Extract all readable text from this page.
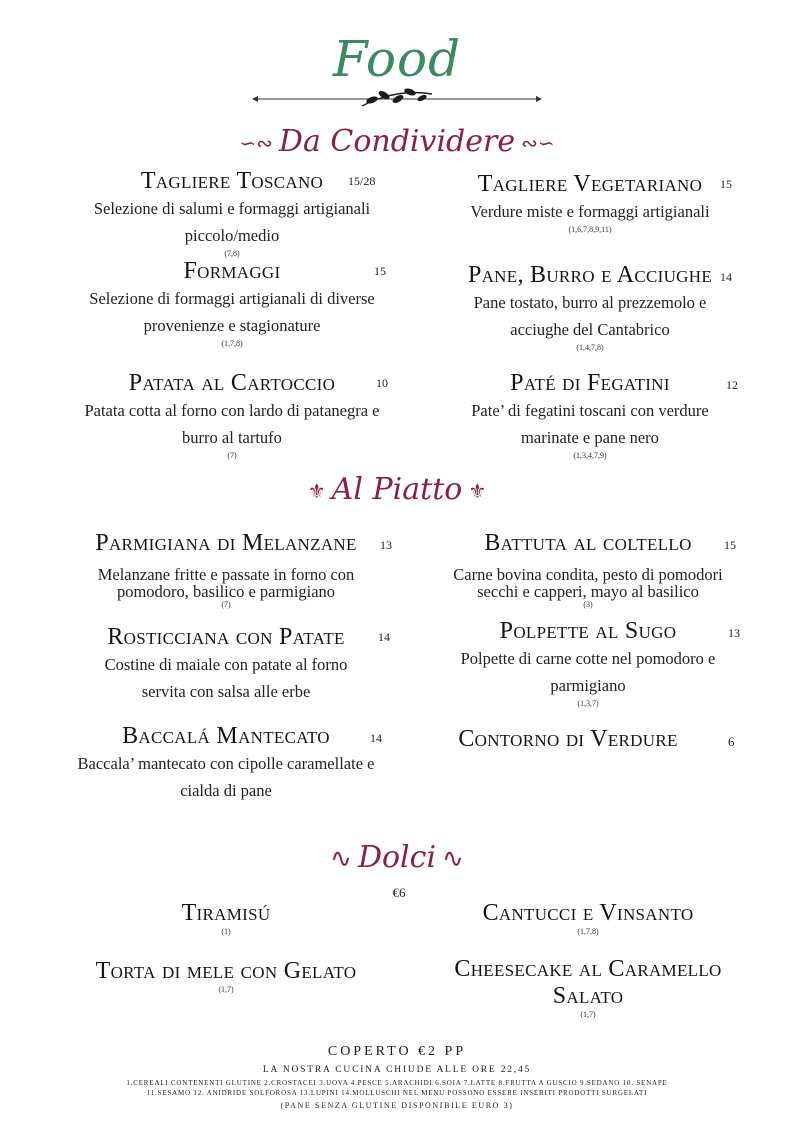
Food
∽∾ Da Condividere ∾∽
Tagliere Toscano	15/28
Selezione di salumi e formaggi artigianali piccolo/medio
(7,8)
Tagliere Vegetariano	15
Verdure miste e formaggi artigianali
(1,6,7,8,9,11)
Formaggi	15
Selezione di formaggi artigianali di diverse provenienze e stagionature
(1,7,8)
Pane, Burro e Acciughe 14
Pane tostato, burro al prezzemolo e acciughe del Cantabrico
(1,4,7,8)
Patata al Cartoccio	10
Patata cotta al forno con lardo di patanegra e burro al tartufo
(7)
Paté di Fegatini	12
Pate’ di fegatini toscani con verdure marinate e pane nero
(1,3,4,7,9)
⚜ Al Piatto ⚜
Parmigiana di Melanzane	13
Melanzane fritte e passate in forno con pomodoro, basilico e parmigiano
(7)
Battuta al coltello	15
Carne bovina condita, pesto di pomodori secchi e capperi, mayo al basilico
(3)
Rosticciana con Patate	14
Costine di maiale con patate al forno servita con salsa alle erbe
Polpette al Sugo	13
Polpette di carne cotte nel pomodoro e parmigiano
(1,3,7)
Baccalá Mantecato	14
Baccala’ mantecato con cipolle caramellate e cialda di pane
Contorno di Verdure	6
∿ Dolci ∿
€6
Tiramisú
(1)
Cantucci e Vinsanto
(1,7,8)
Torta di mele con Gelato
(1,7)
Cheesecake al Caramello Salato
(1,7)
COPERTO €2 PP
LA NOSTRA CUCINA CHIUDE ALLE ORE 22,45
1.CEREALI CONTENENTI GLUTINE 2.CROSTACEI 3.UOVA 4.PESCE 5.ARACHIDI 6.SOIA 7.LATTE 8.FRUTTA A GUSCIO 9.SEDANO 10. SENAPE
11.SESAMO 12. ANIDRIDE SOLFOROSA 13.LUPINI 14.MOLLUSCHI NEL MENU POSSONO ESSERE INSERITI PRODOTTI SURGELATI
(PANE SENZA GLUTINE DISPONIBILE EURO 3)
